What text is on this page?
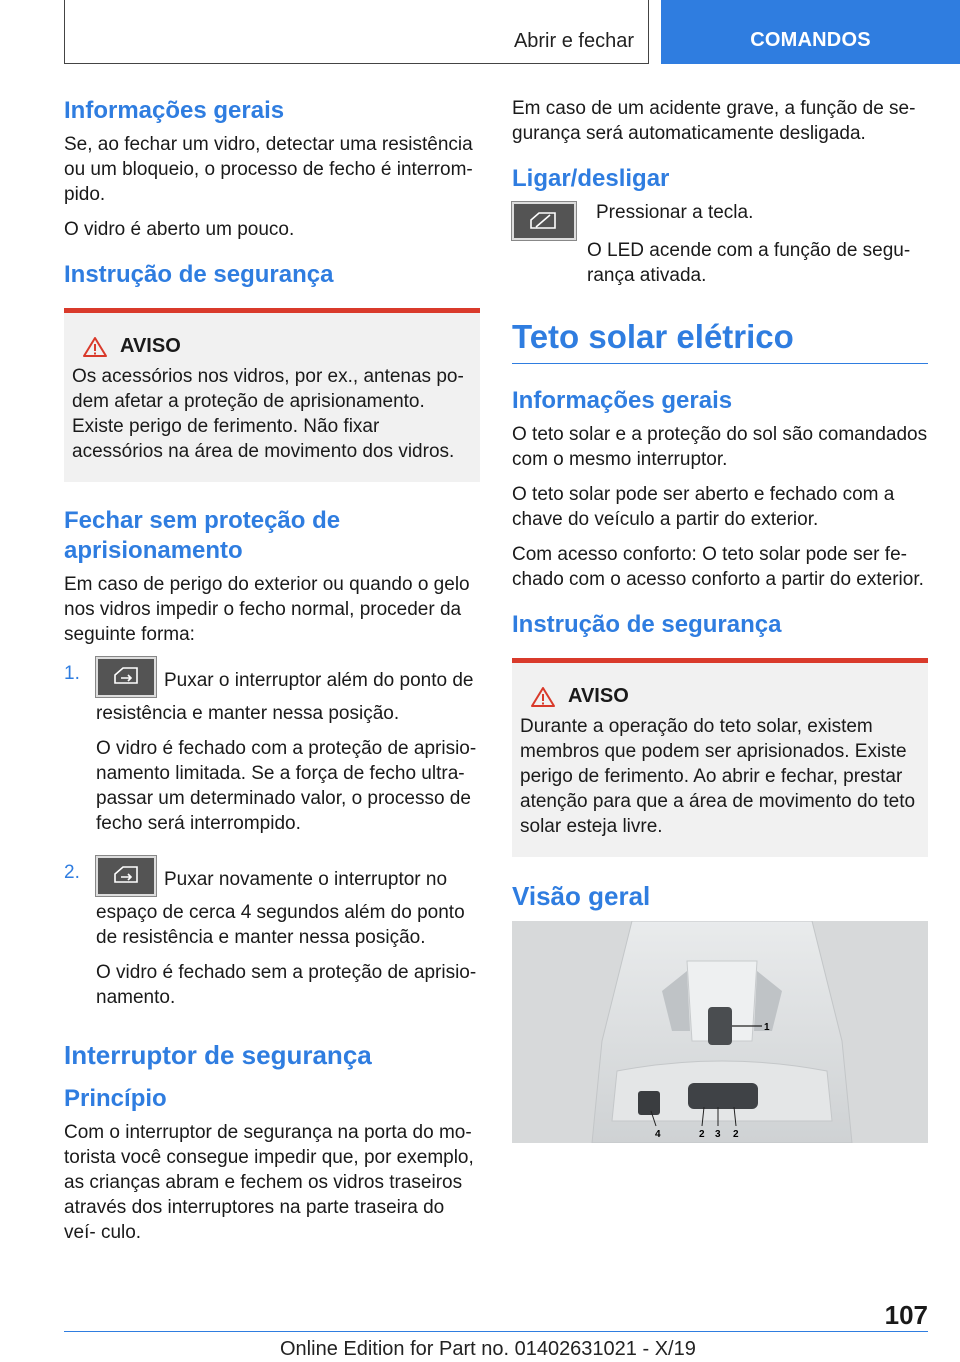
Abrir e fechar	COMANDOS
Informações gerais

Se, ao fechar um vidro, detectar uma resistência ou um bloqueio, o processo de fecho é interrom‐ pido.

O vidro é aberto um pouco.

Instrução de segurança
AVISO

Os acessórios nos vidros, por ex., antenas po‐ dem afetar a proteção de aprisionamento. Existe perigo de ferimento. Não fixar acessórios na área de movimento dos vidros.

Fechar sem proteção de aprisionamento

Em caso de perigo do exterior ou quando o gelo nos vidros impedir o fecho normal, proceder da seguinte forma:

1.	Puxar o interruptor além do ponto de resistência e manter nessa posição.

O vidro é fechado com a proteção de aprisio‐ namento limitada. Se a força de fecho ultra‐ passar um determinado valor, o processo de fecho será interrompido.

2.	Puxar novamente o interruptor no espaço de cerca 4 segundos além do ponto de resistência e manter nessa posição.

O vidro é fechado sem a proteção de aprisio‐ namento.

Interruptor de segurança
Princípio

Com o interruptor de segurança na porta do mo‐ torista você consegue impedir que, por exemplo, as crianças abram e fechem os vidros traseiros através dos interruptores na parte traseira do veí‐ culo.

Em caso de um acidente grave, a função de se‐ gurança será automaticamente desligada.

Ligar/desligar

Pressionar a tecla.

O LED acende com a função de segu‐ rança ativada.

Teto solar elétrico
Informações gerais

O teto solar e a proteção do sol são comandados com o mesmo interruptor.

O teto solar pode ser aberto e fechado com a chave do veículo a partir do exterior.

Com acesso conforto: O teto solar pode ser fe‐ chado com o acesso conforto a partir do exterior.

Instrução de segurança
AVISO

Durante a operação do teto solar, existem membros que podem ser aprisionados. Existe perigo de ferimento. Ao abrir e fechar, prestar atenção para que a área de movimento do teto solar esteja livre.

Visão geral
1
4	2 3 2
107
Online Edition for Part no. 01402631021 - X/19
